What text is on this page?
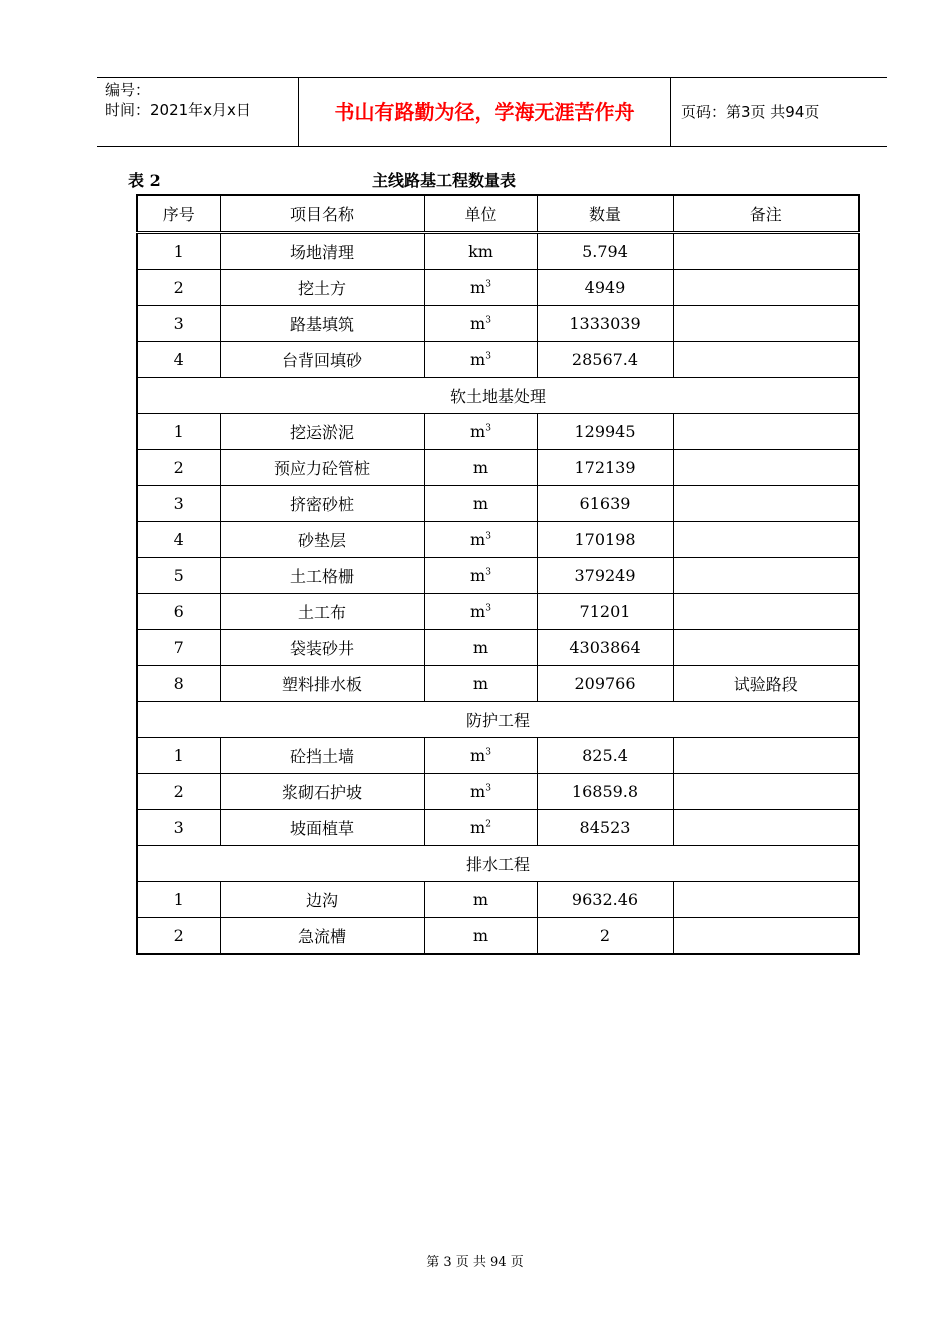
编号：
时间：2021年x月x日	书山有路勤为径，学海无涯苦作舟	页码：第3页 共94页
表 2	主线路基工程数量表
序号	项目名称	单位	数量	备注
1	场地清理	km	5.794	
2	挖土方	$m^3$	4949	
3	路基填筑	$m^3$	1333039	
4	台背回填砂	$m^3$	28567.4	
软土地基处理				
1	挖运淤泥	$m^3$	129945	
2	预应力砼管桩	m	172139	
3	挤密砂桩	m	61639	
4	砂垫层	$m^3$	170198	
5	土工格栅	$m^3$	379249	
6	土工布	$m^3$	71201	
7	袋装砂井	m	4303864	
8	塑料排水板	m	209766	试验路段
防护工程				
1	砼挡土墙	$m^3$	825.4	
2	浆砌石护坡	$m^3$	16859.8	
3	坡面植草	$m^2$	84523	
排水工程				
1	边沟	m	9632.46	
2	急流槽	m	2	
第 3 页 共 94 页
